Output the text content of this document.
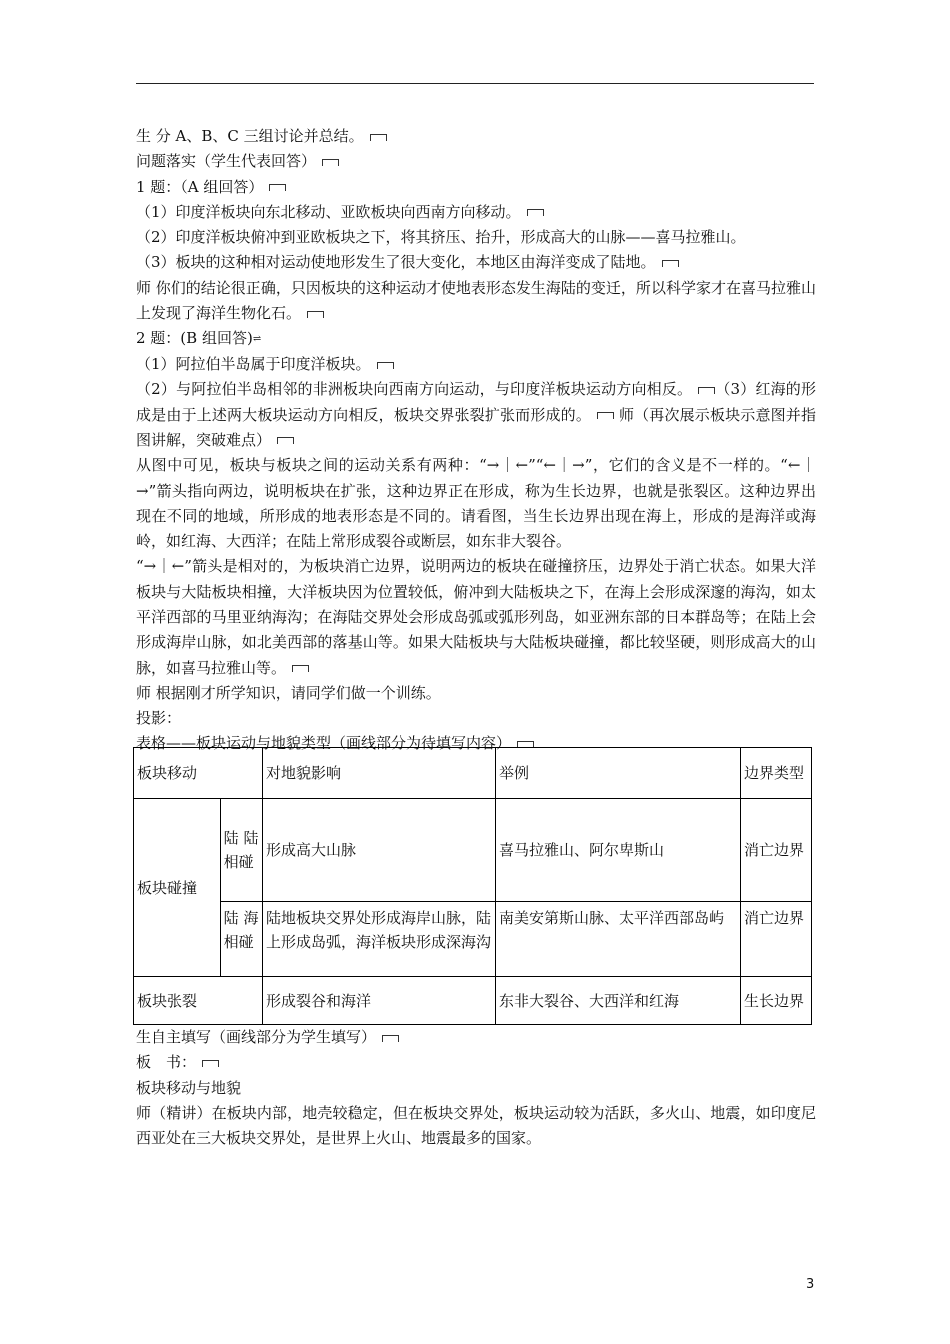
生 分 A、B、C 三组讨论并总结。

问题落实（学生代表回答）

1 题：（A 组回答）

（1）印度洋板块向东北移动、亚欧板块向西南方向移动。

（2）印度洋板块俯冲到亚欧板块之下，将其挤压、抬升，形成高大的山脉——喜马拉雅山。

（3）板块的这种相对运动使地形发生了很大变化，本地区由海洋变成了陆地。

师 你们的结论很正确，只因板块的这种运动才使地表形态发生海陆的变迁，所以科学家才在喜马拉雅山上发现了海洋生物化石。

2 题：(B 组回答)⇌

（1）阿拉伯半岛属于印度洋板块。

（2）与阿拉伯半岛相邻的非洲板块向西南方向运动，与印度洋板块运动方向相反。 （3）红海的形成是由于上述两大板块运动方向相反，板块交界张裂扩张而形成的。 师（再次展示板块示意图并指图讲解，突破难点）

从图中可见，板块与板块之间的运动关系有两种：“→｜←”“←｜→”，它们的含义是不一样的。“←｜→”箭头指向两边，说明板块在扩张，这种边界正在形成，称为生长边界，也就是张裂区。这种边界出现在不同的地域，所形成的地表形态是不同的。请看图，当生长边界出现在海上，形成的是海洋或海岭，如红海、大西洋；在陆上常形成裂谷或断层，如东非大裂谷。

“→｜←”箭头是相对的，为板块消亡边界，说明两边的板块在碰撞挤压，边界处于消亡状态。如果大洋板块与大陆板块相撞，大洋板块因为位置较低，俯冲到大陆板块之下，在海上会形成深邃的海沟，如太平洋西部的马里亚纳海沟；在海陆交界处会形成岛弧或弧形列岛，如亚洲东部的日本群岛等；在陆上会形成海岸山脉，如北美西部的落基山等。如果大陆板块与大陆板块碰撞，都比较坚硬，则形成高大的山脉，如喜马拉雅山等。

师 根据刚才所学知识，请同学们做一个训练。

投影：

表格——板块运动与地貌类型（画线部分为待填写内容）

板块移动		对地貌影响	举例	边界类型
板块碰撞	陆 陆相碰	形成高大山脉	喜马拉雅山、阿尔卑斯山	消亡边界
	陆 海相碰	陆地板块交界处形成海岸山脉，陆上形成岛弧，海洋板块形成深海沟	南美安第斯山脉、太平洋西部岛屿	消亡边界
板块张裂		形成裂谷和海洋	东非大裂谷、大西洋和红海	生长边界

生自主填写（画线部分为学生填写）

板　书：

板块移动与地貌

师（精讲）在板块内部，地壳较稳定，但在板块交界处，板块运动较为活跃，多火山、地震，如印度尼西亚处在三大板块交界处，是世界上火山、地震最多的国家。

3
